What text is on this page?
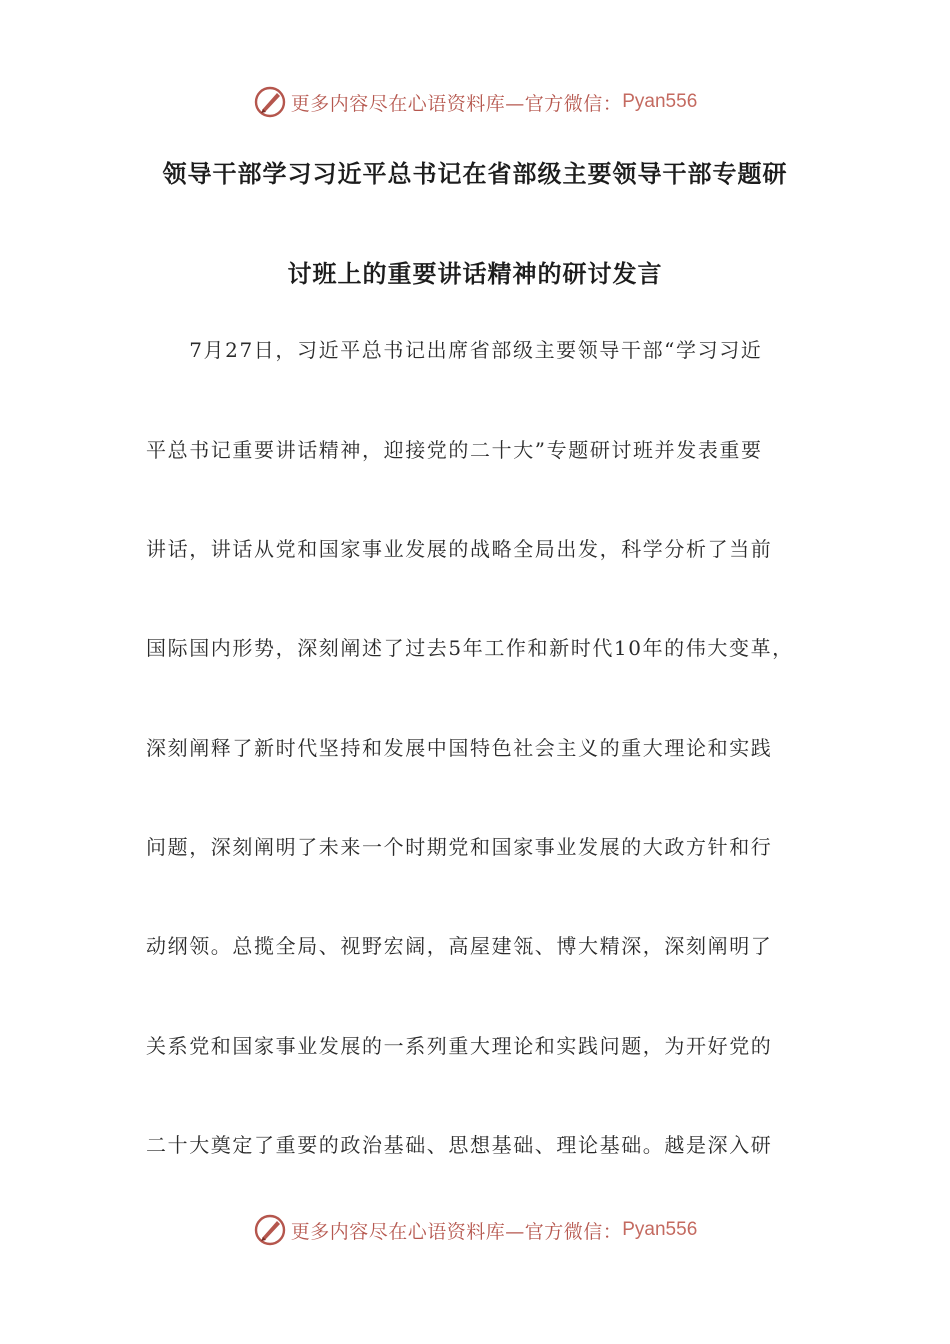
更多内容尽在心语资料库—官方微信： Pyan556
领导干部学习习近平总书记在省部级主要领导干部专题研
讨班上的重要讲话精神的研讨发言
　　7月27日，习近平总书记出席省部级主要领导干部“学习习近
平总书记重要讲话精神，迎接党的二十大”专题研讨班并发表重要
讲话，讲话从党和国家事业发展的战略全局出发，科学分析了当前
国际国内形势，深刻阐述了过去5年工作和新时代10年的伟大变革，
深刻阐释了新时代坚持和发展中国特色社会主义的重大理论和实践
问题，深刻阐明了未来一个时期党和国家事业发展的大政方针和行
动纲领。总揽全局、视野宏阔，高屋建瓴、博大精深，深刻阐明了
关系党和国家事业发展的一系列重大理论和实践问题，为开好党的
二十大奠定了重要的政治基础、思想基础、理论基础。越是深入研
更多内容尽在心语资料库—官方微信： Pyan556
